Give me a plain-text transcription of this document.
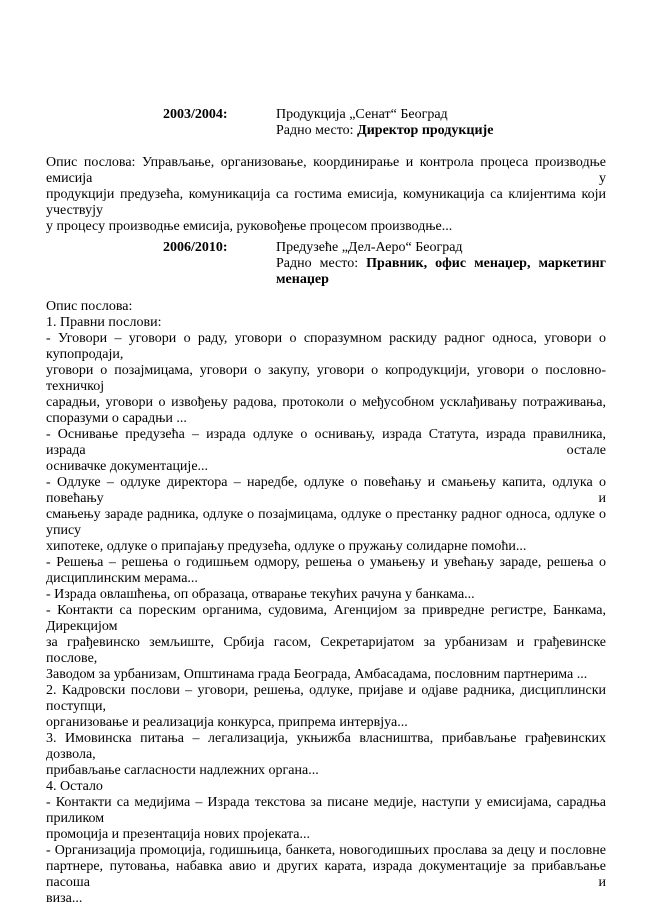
2003/2004:	Продукција „Сенат“ Београд
Радно место: Директор продукције
Опис послова: Управљање, организовање, координирање и контрола процеса производње емисија у
продукцији предузећа, комуникација са гостима емисија, комуникација са клијентима који учествују
у процесу производње емисија, руковођење процесом производње...
2006/2010:	Предузеће „Дел-Аеро“ Београд
Радно место: Правник, офис менаџер, маркетинг
менаџер
Опис послова:
1. Правни послови:
- Уговори – уговори о раду, уговори о споразумном раскиду радног односа, уговори о купопродаји,
уговори о позајмицама, уговори о закупу, уговори о копродукцији, уговори о пословно-техничкој
сарадњи, уговори о извођењу радова, протоколи о међусобном усклађивању потраживања,
споразуми о сарадњи ...
- Оснивање предузећа – израда одлуке о оснивању, израда Статута, израда правилника, израда остале
оснивачке документације...
- Одлуке – одлуке директора – наредбе, одлуке о повећању и смањењу капита, одлука о повећању и
смањењу зараде радника, одлуке о позајмицама, одлуке о престанку радног односа, одлуке о упису
хипотеке, одлуке о припајању предузећа, одлуке о пружању солидарне помоћи...
- Решења – решења о годишњем одмору, решења о умањењу и увећању зараде, решења о
дисциплинским мерама...
- Израда овлашћења, оп образаца, отварање текућих рачуна у банкама...
- Контакти са пореским органима, судовима, Агенцијом за привредне регистре, Банкама, Дирекцијом
за грађевинско земљиште, Србија гасом, Секретаријатом за урбанизам и грађевинске послове,
Заводом за урбанизам, Општинама града Београда, Амбасадама, пословним партнерима ...
2. Кадровски послови – уговори, решења, одлуке, пријаве и одјаве радника, дисциплински поступци,
организовање и реализација конкурса, припрема интервјуа...
3. Имовинска питања – легализација, укњижба власништва, прибављање грађевинских дозвола,
прибављање сагласности надлежних органа...
4. Остало
- Контакти са медијима – Израда текстова за писане медије, наступи у емисијама, сарадња приликом
промоција и презентација нових пројеката...
- Организација промоција, годишњица, банкета, новогодишњих прослава за децу и пословне
партнере, путовања, набавка авио и других карата, израда документације за прибављање пасоша и
виза...
